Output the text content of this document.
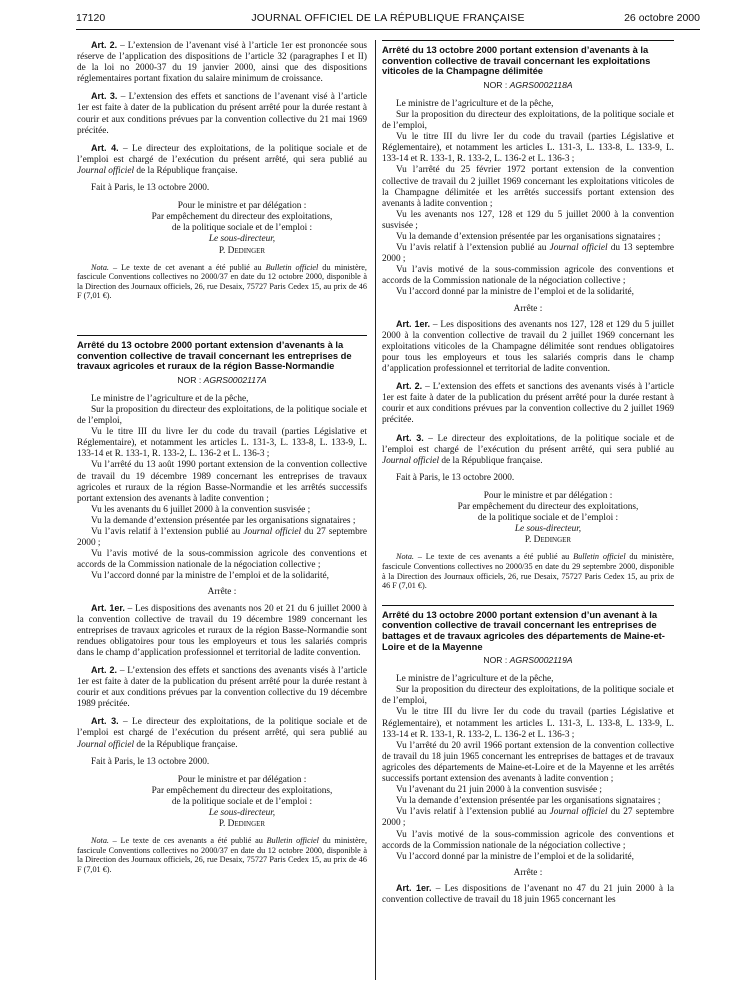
17120	JOURNAL OFFICIEL DE LA RÉPUBLIQUE FRANÇAISE	26 octobre 2000

Art. 2. – L’extension de l’avenant visé à l’article 1er est prononcée sous réserve de l’application des dispositions de l’article 32 (paragraphes I et II) de la loi no 2000-37 du 19 janvier 2000, ainsi que des dispositions réglementaires portant fixation du salaire minimum de croissance.

Art. 3. – L’extension des effets et sanctions de l’avenant visé à l’article 1er est faite à dater de la publication du présent arrêté pour la durée restant à courir et aux conditions prévues par la convention collective du 21 mai 1969 précitée.

Art. 4. – Le directeur des exploitations, de la politique sociale et de l’emploi est chargé de l’exécution du présent arrêté, qui sera publié au Journal officiel de la République française.

Fait à Paris, le 13 octobre 2000.

Pour le ministre et par délégation :

Par empêchement du directeur des exploitations,

de la politique sociale et de l’emploi :

Le sous-directeur,

P. Dedinger

Nota. – Le texte de cet avenant a été publié au Bulletin officiel du ministère, fascicule Conventions collectives no 2000/37 en date du 12 octobre 2000, disponible à la Direction des Journaux officiels, 26, rue Desaix, 75727 Paris Cedex 15, au prix de 46 F (7,01 €).

Arrêté du 13 octobre 2000 portant extension d’avenants à la convention collective de travail concernant les entreprises de travaux agricoles et ruraux de la région Basse-Normandie

NOR : AGRS0002117A

Le ministre de l’agriculture et de la pêche,

Sur la proposition du directeur des exploitations, de la politique sociale et de l’emploi,

Vu le titre III du livre Ier du code du travail (parties Législative et Réglementaire), et notamment les articles L. 131-3, L. 133-8, L. 133-9, L. 133-14 et R. 133-1, R. 133-2, L. 136-2 et L. 136-3 ;

Vu l’arrêté du 13 août 1990 portant extension de la convention collective de travail du 19 décembre 1989 concernant les entreprises de travaux agricoles et ruraux de la région Basse-Normandie et les arrêtés successifs portant extension des avenants à ladite convention ;

Vu les avenants du 6 juillet 2000 à la convention susvisée ;

Vu la demande d’extension présentée par les organisations signataires ;

Vu l’avis relatif à l’extension publié au Journal officiel du 27 septembre 2000 ;

Vu l’avis motivé de la sous-commission agricole des conventions et accords de la Commission nationale de la négociation collective ;

Vu l’accord donné par la ministre de l’emploi et de la solidarité,

Arrête :

Art. 1er. – Les dispositions des avenants nos 20 et 21 du 6 juillet 2000 à la convention collective de travail du 19 décembre 1989 concernant les entreprises de travaux agricoles et ruraux de la région Basse-Normandie sont rendues obligatoires pour tous les employeurs et tous les salariés compris dans le champ d’application professionnel et territorial de ladite convention.

Art. 2. – L’extension des effets et sanctions des avenants visés à l’article 1er est faite à dater de la publication du présent arrêté pour la durée restant à courir et aux conditions prévues par la convention collective du 19 décembre 1989 précitée.

Art. 3. – Le directeur des exploitations, de la politique sociale et de l’emploi est chargé de l’exécution du présent arrêté, qui sera publié au Journal officiel de la République française.

Fait à Paris, le 13 octobre 2000.

Pour le ministre et par délégation :

Par empêchement du directeur des exploitations,

de la politique sociale et de l’emploi :

Le sous-directeur,

P. Dedinger

Nota. – Le texte de ces avenants a été publié au Bulletin officiel du ministère, fascicule Conventions collectives no 2000/37 en date du 12 octobre 2000, disponible à la Direction des Journaux officiels, 26, rue Desaix, 75727 Paris Cedex 15, au prix de 46 F (7,01 €).

Arrêté du 13 octobre 2000 portant extension d’avenants à la convention collective de travail concernant les exploitations viticoles de la Champagne délimitée

NOR : AGRS0002118A

Le ministre de l’agriculture et de la pêche,

Sur la proposition du directeur des exploitations, de la politique sociale et de l’emploi,

Vu le titre III du livre Ier du code du travail (parties Législative et Réglementaire), et notamment les articles L. 131-3, L. 133-8, L. 133-9, L. 133-14 et R. 133-1, R. 133-2, L. 136-2 et L. 136-3 ;

Vu l’arrêté du 25 février 1972 portant extension de la convention collective de travail du 2 juillet 1969 concernant les exploitations viticoles de la Champagne délimitée et les arrêtés successifs portant extension des avenants à ladite convention ;

Vu les avenants nos 127, 128 et 129 du 5 juillet 2000 à la convention susvisée ;

Vu la demande d’extension présentée par les organisations signataires ;

Vu l’avis relatif à l’extension publié au Journal officiel du 13 septembre 2000 ;

Vu l’avis motivé de la sous-commission agricole des conventions et accords de la Commission nationale de la négociation collective ;

Vu l’accord donné par la ministre de l’emploi et de la solidarité,

Arrête :

Art. 1er. – Les dispositions des avenants nos 127, 128 et 129 du 5 juillet 2000 à la convention collective de travail du 2 juillet 1969 concernant les exploitations viticoles de la Champagne délimitée sont rendues obligatoires pour tous les employeurs et tous les salariés compris dans le champ d’application professionnel et territorial de ladite convention.

Art. 2. – L’extension des effets et sanctions des avenants visés à l’article 1er est faite à dater de la publication du présent arrêté pour la durée restant à courir et aux conditions prévues par la convention collective du 2 juillet 1969 précitée.

Art. 3. – Le directeur des exploitations, de la politique sociale et de l’emploi est chargé de l’exécution du présent arrêté, qui sera publié au Journal officiel de la République française.

Fait à Paris, le 13 octobre 2000.

Pour le ministre et par délégation :

Par empêchement du directeur des exploitations,

de la politique sociale et de l’emploi :

Le sous-directeur,

P. Dedinger

Nota. – Le texte de ces avenants a été publié au Bulletin officiel du ministère, fascicule Conventions collectives no 2000/35 en date du 29 septembre 2000, disponible à la Direction des Journaux officiels, 26, rue Desaix, 75727 Paris Cedex 15, au prix de 46 F (7,01 €).

Arrêté du 13 octobre 2000 portant extension d’un avenant à la convention collective de travail concernant les entreprises de battages et de travaux agricoles des départements de Maine-et-Loire et de la Mayenne

NOR : AGRS0002119A

Le ministre de l’agriculture et de la pêche,

Sur la proposition du directeur des exploitations, de la politique sociale et de l’emploi,

Vu le titre III du livre Ier du code du travail (parties Législative et Réglementaire), et notamment les articles L. 131-3, L. 133-8, L. 133-9, L. 133-14 et R. 133-1, R. 133-2, L. 136-2 et L. 136-3 ;

Vu l’arrêté du 20 avril 1966 portant extension de la convention collective de travail du 18 juin 1965 concernant les entreprises de battages et de travaux agricoles des départements de Maine-et-Loire et de la Mayenne et les arrêtés successifs portant extension des avenants à ladite convention ;

Vu l’avenant du 21 juin 2000 à la convention susvisée ;

Vu la demande d’extension présentée par les organisations signataires ;

Vu l’avis relatif à l’extension publié au Journal officiel du 27 septembre 2000 ;

Vu l’avis motivé de la sous-commission agricole des conventions et accords de la Commission nationale de la négociation collective ;

Vu l’accord donné par la ministre de l’emploi et de la solidarité,

Arrête :

Art. 1er. – Les dispositions de l’avenant no 47 du 21 juin 2000 à la convention collective de travail du 18 juin 1965 concernant les
